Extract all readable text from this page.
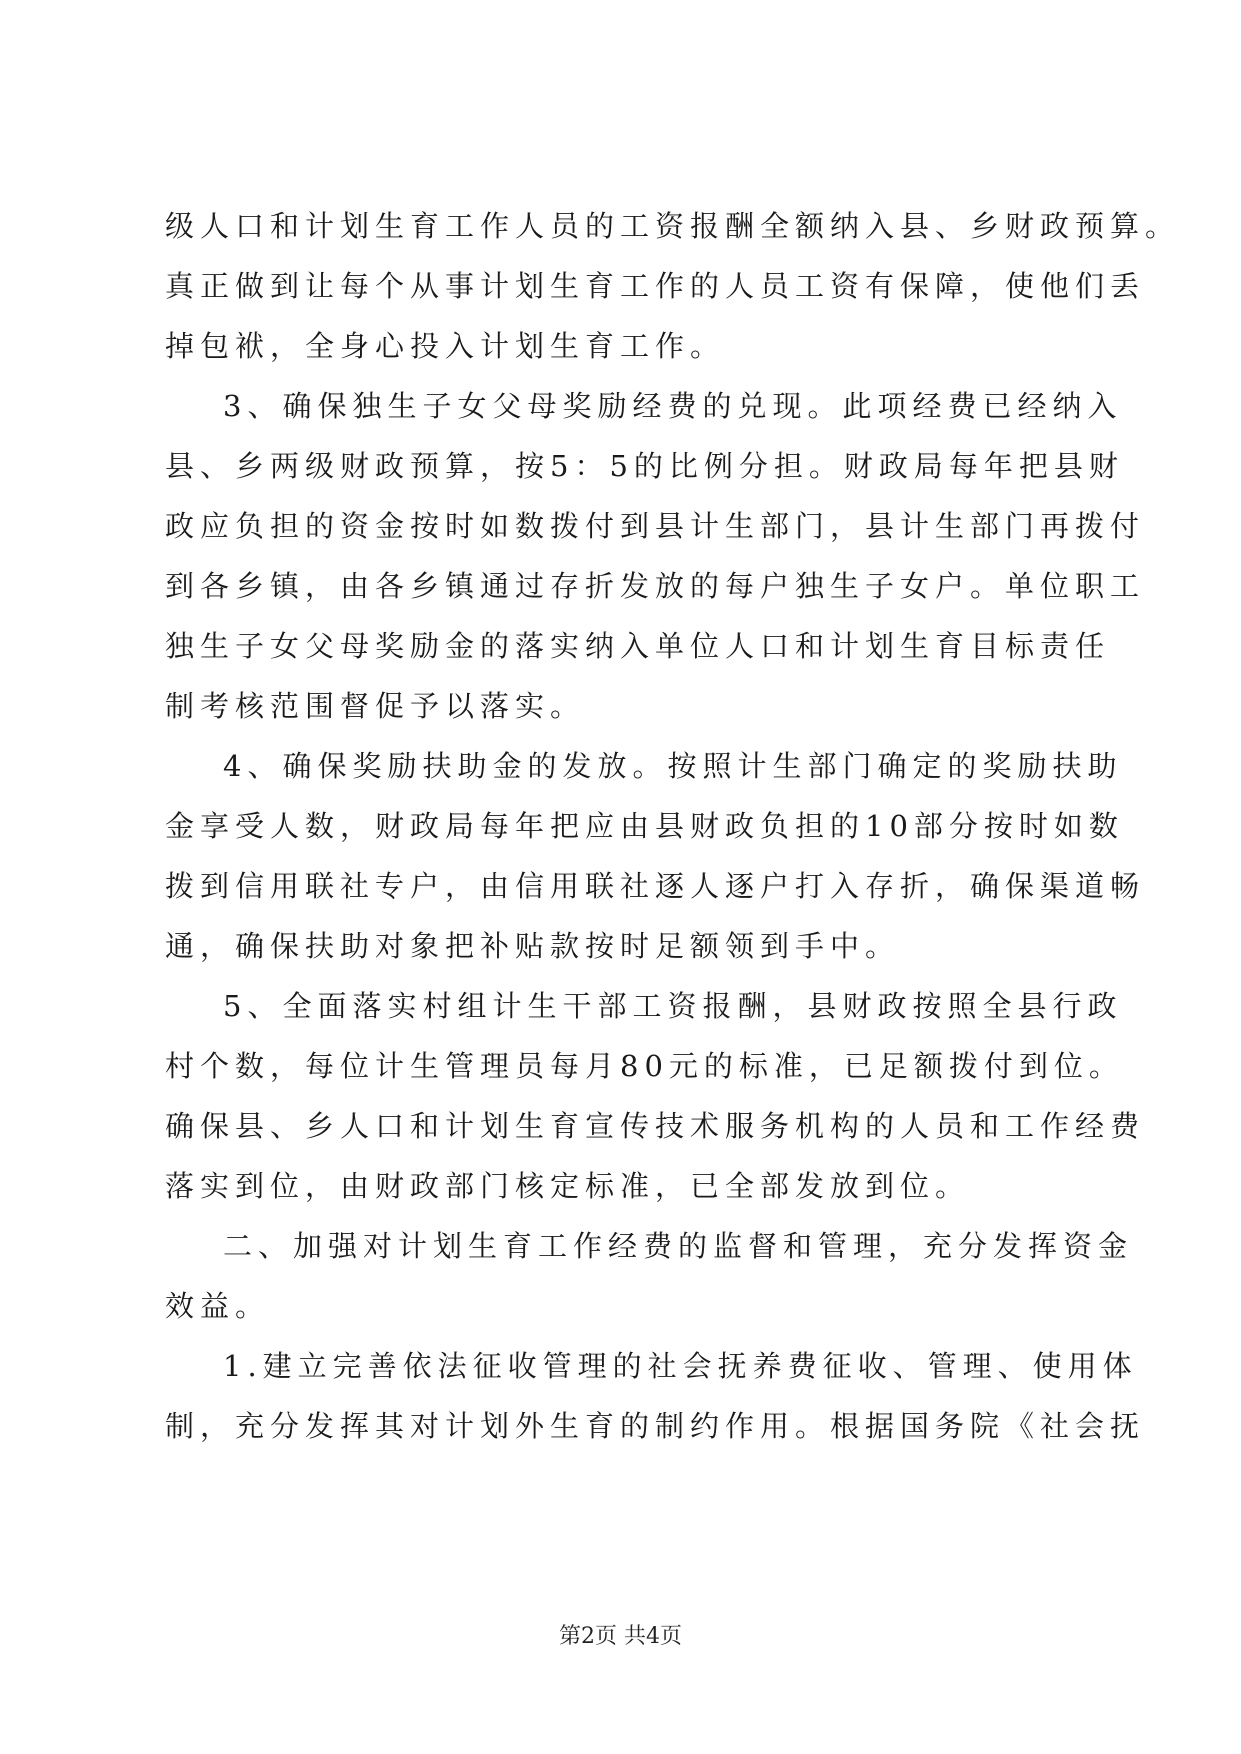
级人口和计划生育工作人员的工资报酬全额纳入县、乡财政预算。
真正做到让每个从事计划生育工作的人员工资有保障，使他们丢
掉包袱，全身心投入计划生育工作。
3、确保独生子女父母奖励经费的兑现。此项经费已经纳入
县、乡两级财政预算，按5：5的比例分担。财政局每年把县财
政应负担的资金按时如数拨付到县计生部门，县计生部门再拨付
到各乡镇，由各乡镇通过存折发放的每户独生子女户。单位职工
独生子女父母奖励金的落实纳入单位人口和计划生育目标责任
制考核范围督促予以落实。
4、确保奖励扶助金的发放。按照计生部门确定的奖励扶助
金享受人数，财政局每年把应由县财政负担的10部分按时如数
拨到信用联社专户，由信用联社逐人逐户打入存折，确保渠道畅
通，确保扶助对象把补贴款按时足额领到手中。
5、全面落实村组计生干部工资报酬，县财政按照全县行政
村个数，每位计生管理员每月80元的标准，已足额拨付到位。
确保县、乡人口和计划生育宣传技术服务机构的人员和工作经费
落实到位，由财政部门核定标准，已全部发放到位。
二、加强对计划生育工作经费的监督和管理，充分发挥资金
效益。
1.建立完善依法征收管理的社会抚养费征收、管理、使用体
制，充分发挥其对计划外生育的制约作用。根据国务院《社会抚
第2页 共4页
